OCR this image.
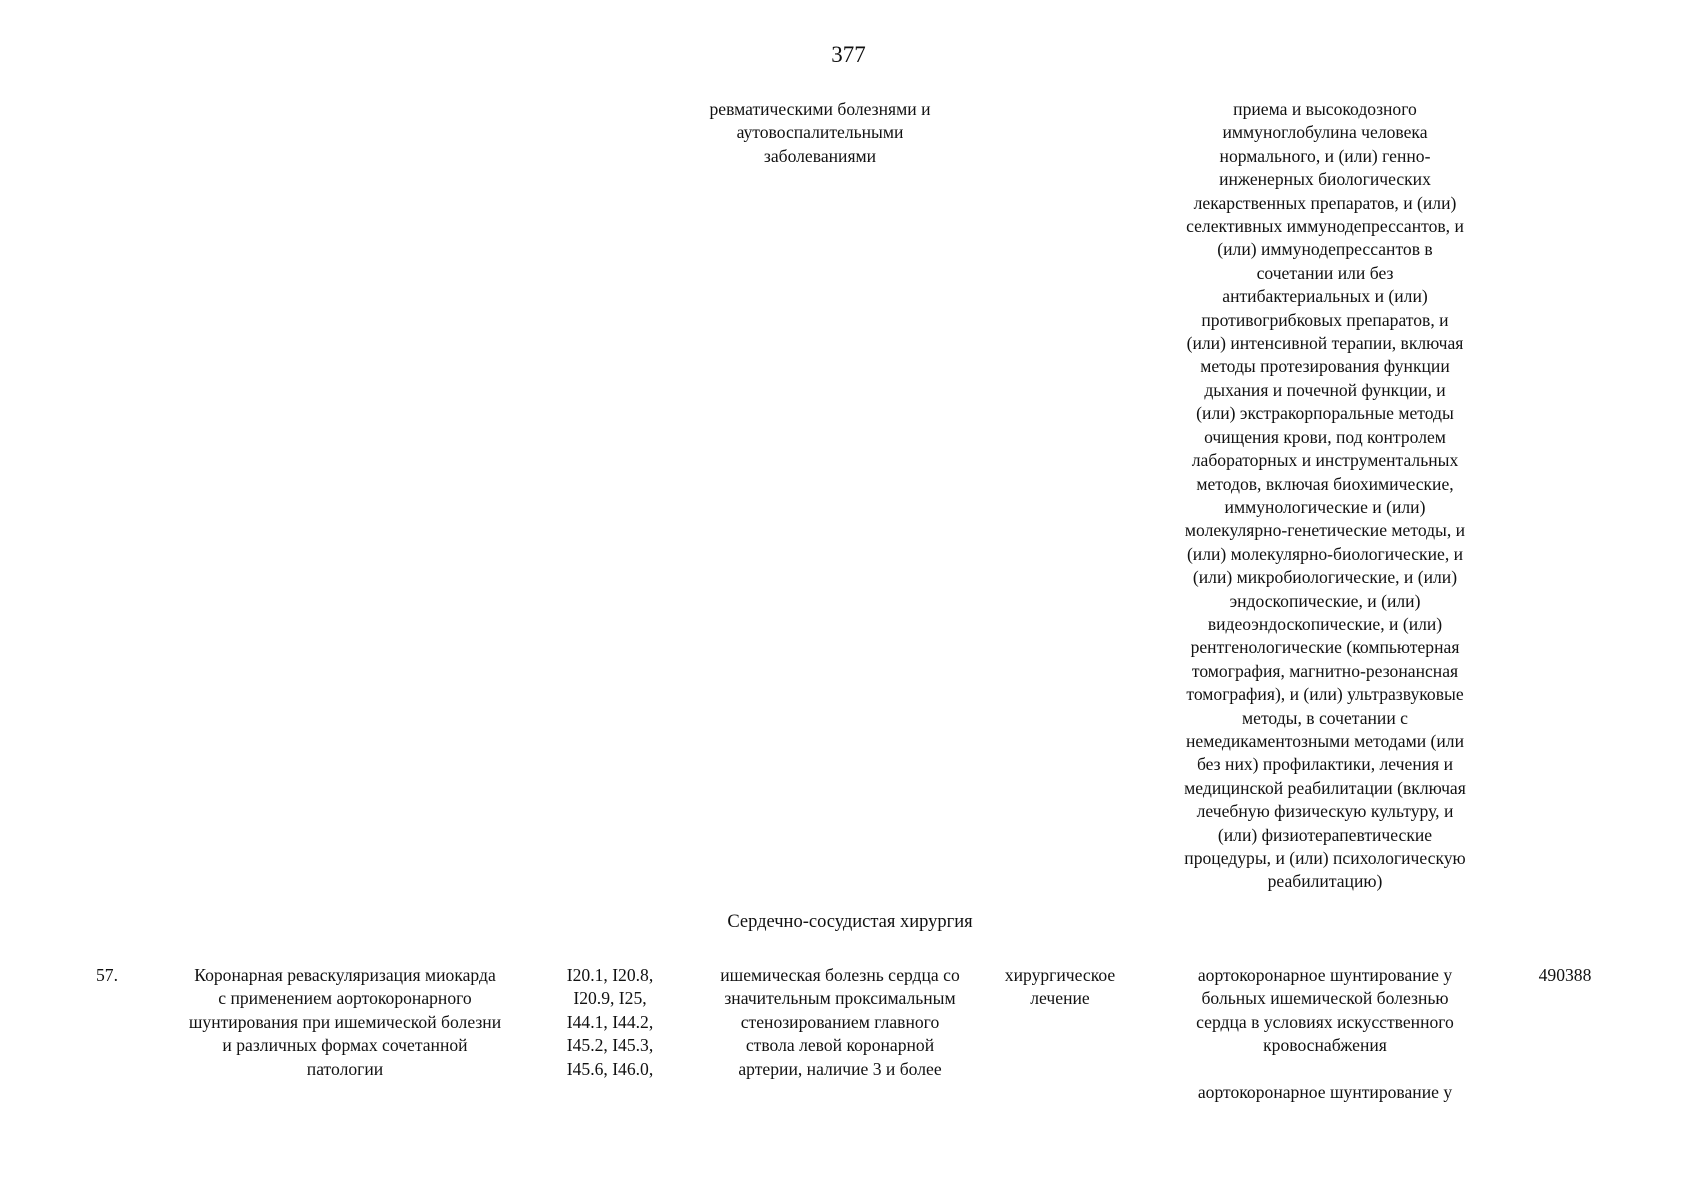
377
ревматическими болезнями и
аутовоспалительными
заболеваниями
приема и высокодозного
иммуноглобулина человека
нормального, и (или) генно-
инженерных биологических
лекарственных препаратов, и (или)
селективных иммунодепрессантов, и
(или) иммунодепрессантов в
сочетании или без
антибактериальных и (или)
противогрибковых препаратов, и
(или) интенсивной терапии, включая
методы протезирования функции
дыхания и почечной функции, и
(или) экстракорпоральные методы
очищения крови, под контролем
лабораторных и инструментальных
методов, включая биохимические,
иммунологические и (или)
молекулярно-генетические методы, и
(или) молекулярно-биологические, и
(или) микробиологические, и (или)
эндоскопические, и (или)
видеоэндоскопические, и (или)
рентгенологические (компьютерная
томография, магнитно-резонансная
томография), и (или) ультразвуковые
методы, в сочетании с
немедикаментозными методами (или
без них) профилактики, лечения и
медицинской реабилитации (включая
лечебную физическую культуру, и
(или) физиотерапевтические
процедуры, и (или) психологическую
реабилитацию)
Сердечно-сосудистая хирургия
57.	Коронарная реваскуляризация миокарда
с применением аортокоронарного
шунтирования при ишемической болезни
и различных формах сочетанной
патологии
I20.1, I20.8,
I20.9, I25,
I44.1, I44.2,
I45.2, I45.3,
I45.6, I46.0,
ишемическая болезнь сердца со
значительным проксимальным
стенозированием главного
ствола левой коронарной
артерии, наличие 3 и более
хирургическое
лечение
аортокоронарное шунтирование у
больных ишемической болезнью
сердца в условиях искусственного
кровоснабжения
аортокоронарное шунтирование у
490388
